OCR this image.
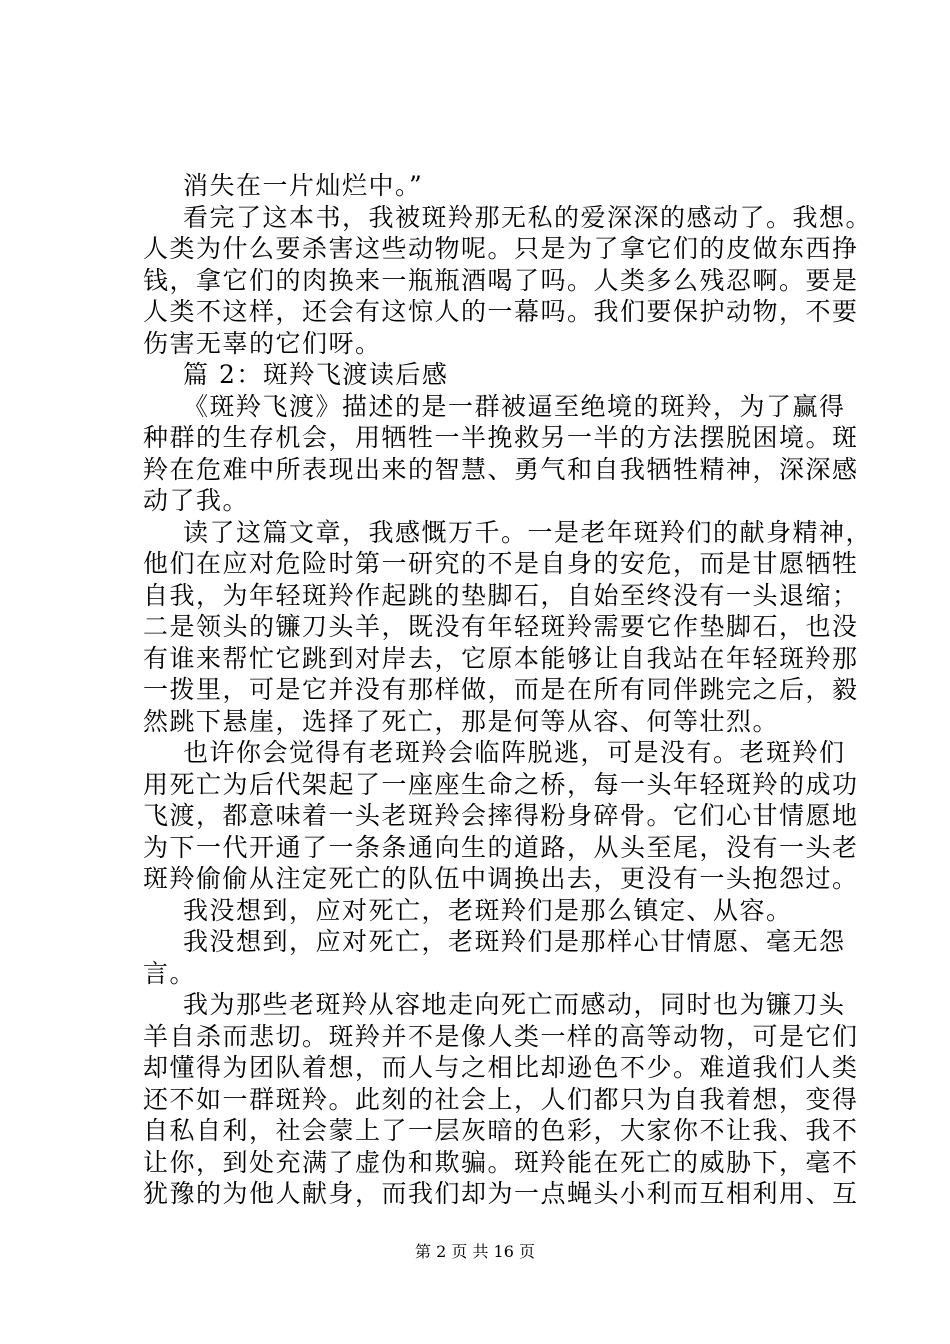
消失在一片灿烂中。”
看完了这本书，我被斑羚那无私的爱深深的感动了。我想。
人类为什么要杀害这些动物呢。只是为了拿它们的皮做东西挣
钱，拿它们的肉换来一瓶瓶酒喝了吗。人类多么残忍啊。要是
人类不这样，还会有这惊人的一幕吗。我们要保护动物，不要
伤害无辜的它们呀。
篇 2：斑羚飞渡读后感
《斑羚飞渡》描述的是一群被逼至绝境的斑羚，为了赢得
种群的生存机会，用牺牲一半挽救另一半的方法摆脱困境。斑
羚在危难中所表现出来的智慧、勇气和自我牺牲精神，深深感
动了我。
读了这篇文章，我感慨万千。一是老年斑羚们的献身精神，
他们在应对危险时第一研究的不是自身的安危，而是甘愿牺牲
自我，为年轻斑羚作起跳的垫脚石，自始至终没有一头退缩；
二是领头的镰刀头羊，既没有年轻斑羚需要它作垫脚石，也没
有谁来帮忙它跳到对岸去，它原本能够让自我站在年轻斑羚那
一拨里，可是它并没有那样做，而是在所有同伴跳完之后，毅
然跳下悬崖，选择了死亡，那是何等从容、何等壮烈。
也许你会觉得有老斑羚会临阵脱逃，可是没有。老斑羚们
用死亡为后代架起了一座座生命之桥，每一头年轻斑羚的成功
飞渡，都意味着一头老斑羚会摔得粉身碎骨。它们心甘情愿地
为下一代开通了一条条通向生的道路，从头至尾，没有一头老
斑羚偷偷从注定死亡的队伍中调换出去，更没有一头抱怨过。
我没想到，应对死亡，老斑羚们是那么镇定、从容。
我没想到，应对死亡，老斑羚们是那样心甘情愿、毫无怨
言。
我为那些老斑羚从容地走向死亡而感动，同时也为镰刀头
羊自杀而悲切。斑羚并不是像人类一样的高等动物，可是它们
却懂得为团队着想，而人与之相比却逊色不少。难道我们人类
还不如一群斑羚。此刻的社会上，人们都只为自我着想，变得
自私自利，社会蒙上了一层灰暗的色彩，大家你不让我、我不
让你，到处充满了虚伪和欺骗。斑羚能在死亡的威胁下，毫不
犹豫的为他人献身，而我们却为一点蝇头小利而互相利用、互
第 2 页 共 16 页
